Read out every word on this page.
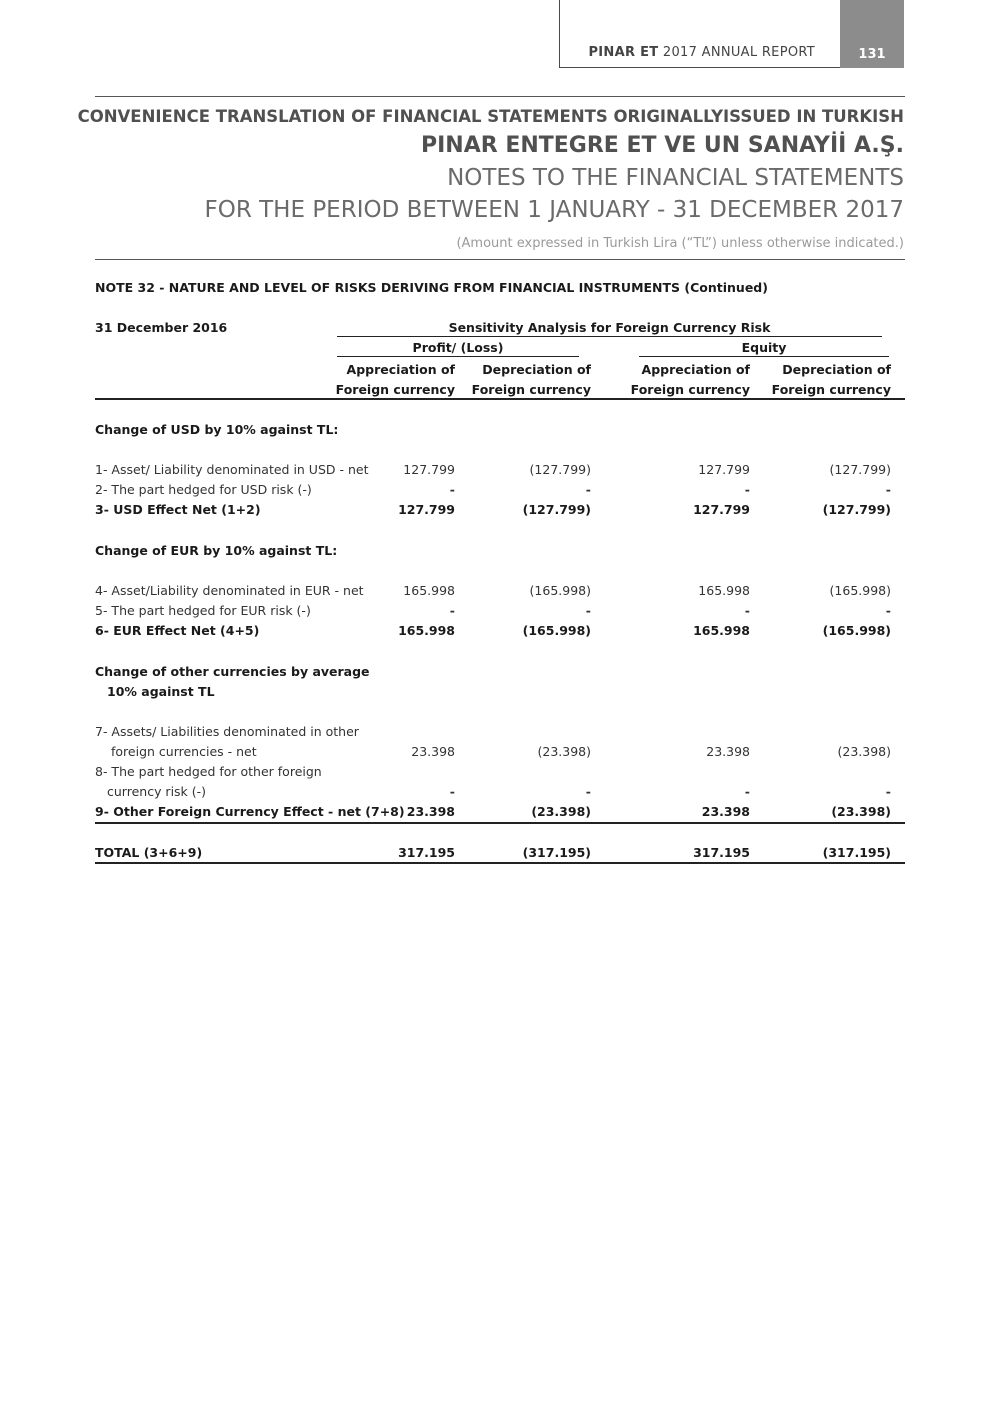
PINAR ET 2017 ANNUAL REPORT	131
CONVENIENCE TRANSLATION OF FINANCIAL STATEMENTS ORIGINALLYISSUED IN TURKISH
PINAR ENTEGRE ET VE UN SANAYİİ A.Ş.
NOTES TO THE FINANCIAL STATEMENTS
FOR THE PERIOD BETWEEN 1 JANUARY - 31 DECEMBER 2017
(Amount expressed in Turkish Lira (“TL”) unless otherwise indicated.)
NOTE 32 - NATURE AND LEVEL OF RISKS DERIVING FROM FINANCIAL INSTRUMENTS (Continued)
31 December 2016	Sensitivity Analysis for Foreign Currency Risk
Profit/ (Loss)	Equity
Appreciation of
Foreign currency
Depreciation of
Foreign currency
Appreciation of
Foreign currency
Depreciation of
Foreign currency
Change of USD by 10% against TL:
1- Asset/ Liability denominated in USD - net	127.799	(127.799)	127.799	(127.799)
2- The part hedged for USD risk (-)	-	-	-	-
3- USD Effect Net (1+2)	127.799	(127.799)	127.799	(127.799)
Change of EUR by 10% against TL:
4- Asset/Liability denominated in EUR - net	165.998	(165.998)	165.998	(165.998)
5- The part hedged for EUR risk (-)	-	-	-	-
6- EUR Effect Net (4+5)	165.998	(165.998)	165.998	(165.998)
Change of other currencies by average
10% against TL
7- Assets/ Liabilities denominated in other
foreign currencies - net	23.398	(23.398)	23.398	(23.398)
8- The part hedged for other foreign
currency risk (-)	-	-	-	-
9- Other Foreign Currency Effect - net (7+8) 23.398	(23.398)	23.398	(23.398)
TOTAL (3+6+9)	317.195	(317.195)	317.195	(317.195)
